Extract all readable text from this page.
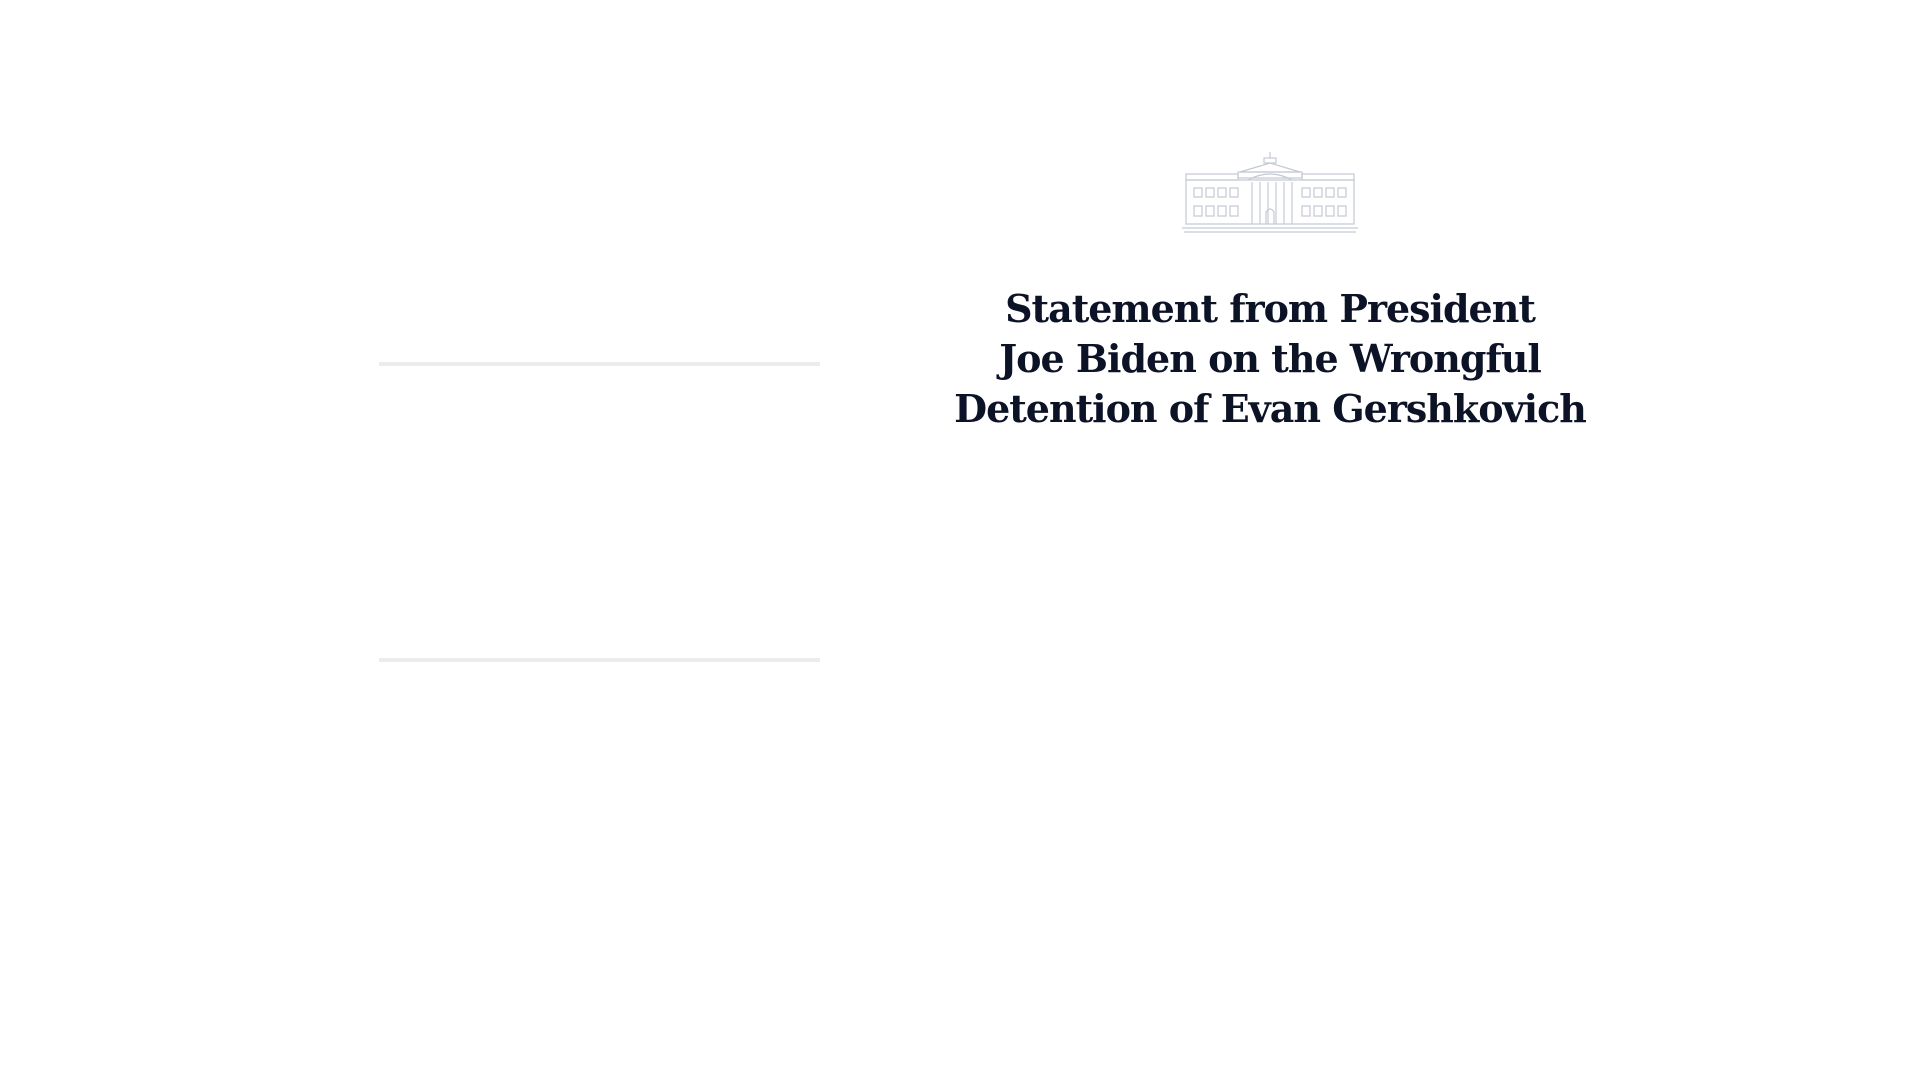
Statement from President
Joe Biden on the Wrongful
Detention of Evan Gershkovich
